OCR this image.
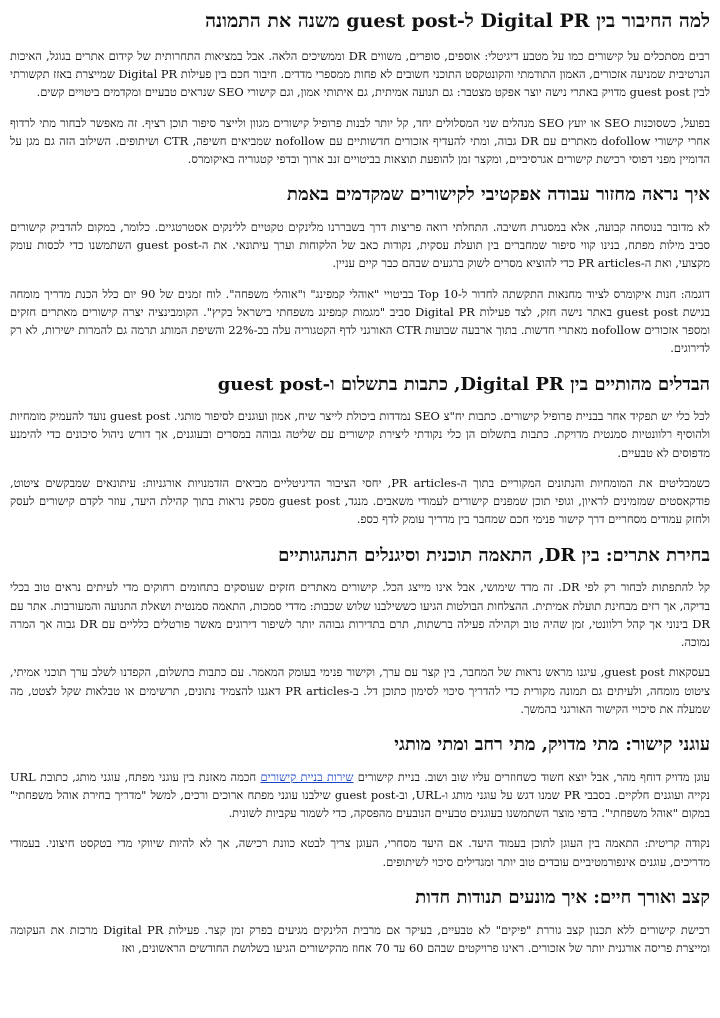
למה החיבור בין Digital PR ל-guest post משנה את התמונה

רבים מסתכלים על קישורים כמו על מטבע דיגיטלי: אוספים, סופרים, משווים DR וממשיכים הלאה. אבל במציאות התחרותית של קידום אתרים בגוגל, האיכות הנרטיבית שמניעה אזכורים, האמון התודמתי והקונטקסט התוכני חשובים לא פחות ממספרי מדדים. חיבור חכם בין פעילות Digital PR שמייצרת באזז תקשורתי לבין guest post מדויק באתרי נישה יוצר אפקט מצטבר: גם תנועה אמיתית, גם איתותי אמון, וגם קישורי SEO שנראים טבעיים ומקדמים ביטויים קשים.

בפועל, כשסוכנות SEO או יועץ SEO מנהלים שני המסלולים יחד, קל יותר לבנות פרופיל קישורים מגוון ולייצר סיפור תוכן רציף. זה מאפשר לבחור מתי לרדוף אחרי קישורי dofollow מאתרים עם DR גבוה, ומתי להעדיף אזכורים חדשותיים עם nofollow שמביאים חשיפה, CTR ושיתופים. השילוב הזה גם מגן על הדומיין מפני דפוסי רכישת קישורים אגרסיביים, ומקצר זמן להופעת תוצאות בביטויים זנב ארוך ובדפי קטגוריה באיקומרס.

איך נראה מחזור עבודה אפקטיבי לקישורים שמקדמים באמת

לא מדובר בנוסחה קבועה, אלא במסגרת חשיבה. התחלתי רואה פריצות דרך בשבררנו מלינקים טקטיים ללינקים אסטרטגיים. כלומר, במקום להדביק קישורים סביב מילות מפתח, בנינו קווי סיפור שמחברים בין תועלת עסקית, נקודות כאב של הלקוחות וערך עיתונאי. את ה-guest post השתמשנו כדי לכסות עומק מקצועי, ואת ה-PR articles כדי להוציא מסרים לשוק ברגעים שבהם כבר קיים עניין.

דוגמה: חנות איקומרס לציוד מחנאות התקשתה לחדור ל-Top 10 בביטויי "אוהלי קמפינג" ו"אוהלי משפחה". לוח זמנים של 90 יום כלל הכנת מדריך מומחה בגישת guest post באתר נישה חזק, לצד פעילות Digital PR סביב "מגמות קמפינג משפחתי בישראל בקיץ". הקומבינציה יצרה קישורים מאתרים חזקים ומספר אזכורים nofollow מאתרי חדשות. בתוך ארבעה שבועות CTR האורגני לדף הקטגוריה עלה בכ-22% והשיפת המותג תרמה גם להמרות ישירות, לא רק לדירוגים.

הבדלים מהותיים בין Digital PR, כתבות בתשלום ו-guest post

לכל כלי יש תפקיד אחר בבניית פרופיל קישורים. כתבות יח"צ SEO נמדדות ביכולת לייצר שיח, אמון ועוגנים לסיפור מותגי. guest post נועד להעמיק מומחיות ולהוסיף רלוונטיות סמנטית מדויקת. כתבות בתשלום הן כלי נקודתי ליצירת קישורים עם שליטה גבוהה במסרים ובעוגנים, אך דורש ניהול סיכונים כדי להימנע מדפוסים לא טבעיים.

כשמבליטים את המומחיות והנתונים המקוריים בתוך ה-PR articles, יחסי הציבור הדיגיטליים מביאים הזדמנויות אורגניות: עיתונאים שמבקשים ציטוט, פודקאסטים שמזמינים לראיון, וגופי תוכן שמפנים קישורים לעמודי משאבים. מנגד, guest post מספק נראות בתוך קהילת היעד, עוזר לקדם קישורים לעסק ולחזק עמודים מסחריים דרך קישור פנימי חכם שמחבר בין מדריך עומק לדף כספ.

בחירת אתרים: בין DR, התאמה תוכנית וסיגנלים התנהגותיים

קל להתפתות לבחור רק לפי DR. זה מדד שימושי, אבל אינו מייצג הכל. קישורים מאתרים חזקים שעוסקים בתחומים רחוקים מדי לעיתים נראים טוב בכלי בדיקה, אך רזים מבחינת תועלת אמיתית. ההצלחות הבולטות הגיעו כששילבנו שלוש שכבות: מדדי סמכות, התאמה סמנטית ושאלת התנועה והמעורבות. אתר עם DR בינוני אך קהל רלוונטי, זמן שהיה טוב וקהילה פעילה ברשתות, תרם בתדירות גבוהה יותר לשיפור דירוגים מאשר פורטלים כלליים עם DR גבוה אך המרה נמוכה.

בעסקאות guest post, עיגנו מראש נראות של המחבר, בין קצר עם ערך, וקישור פנימי בעומק המאמר. עם כתבות בתשלום, הקפדנו לשלב ערך תוכני אמיתי, ציטוט מומחה, ולעיתים גם תמונה מקורית כדי להדריך סיכוי לסימון כתוכן דל. ב-PR articles דאגנו להצמיד נתונים, תרשימים או טבלאות שקל לצטט, מה שמעלה את סיכויי הקישור האורגני בהמשך.

עוגני קישור: מתי מדויק, מתי רחב ומתי מותגי

עוגן מדויק דוחף מהר, אבל יוצא חשוד כשחוזרים עליו שוב ושוב. בניית קישורים שירות בניית קישורים חכמה מאזנת בין עוגני מפתח, עוגני מותג, כתובת URL נקייה ועוגנים חלקיים. בסבבי PR שמנו דגש על עוגני מותג ו-URL, וב-guest post שילבנו עוגני מפתח ארוכים ורכים, למשל "מדריך בחירת אוהל משפחתי" במקום "אוהל משפחתי". בדפי מוצר השתמשנו בעוגנים טבעיים הנובעים מהפסקה, כדי לשמור עקביות לשונית.

נקודה קריטית: התאמה בין העוגן לתוכן בעמוד היעד. אם היעד מסחרי, העוגן צריך לבטא כוונת רכישה, אך לא להיות שיווקי מדי בטקסט חיצוני. בעמודי מדריכים, עוגנים אינפורמטיביים עובדים טוב יותר ומגדילים סיכוי לשיתופים.

קצב ואורך חיים: איך מונעים תנודות חדות

רכישת קישורים ללא תכנון קצב גוררת "פיקים" לא טבעיים, בעיקר אם מרבית הלינקים מגיעים בפרק זמן קצר. פעילות Digital PR מרכזת את העקומה ומייצרת פריסה אורגנית יותר של אזכורים. ראינו פרויקטים שבהם 60 עד 70 אחוז מהקישורים הגיעו בשלושת החודשים הראשונים, ואז
